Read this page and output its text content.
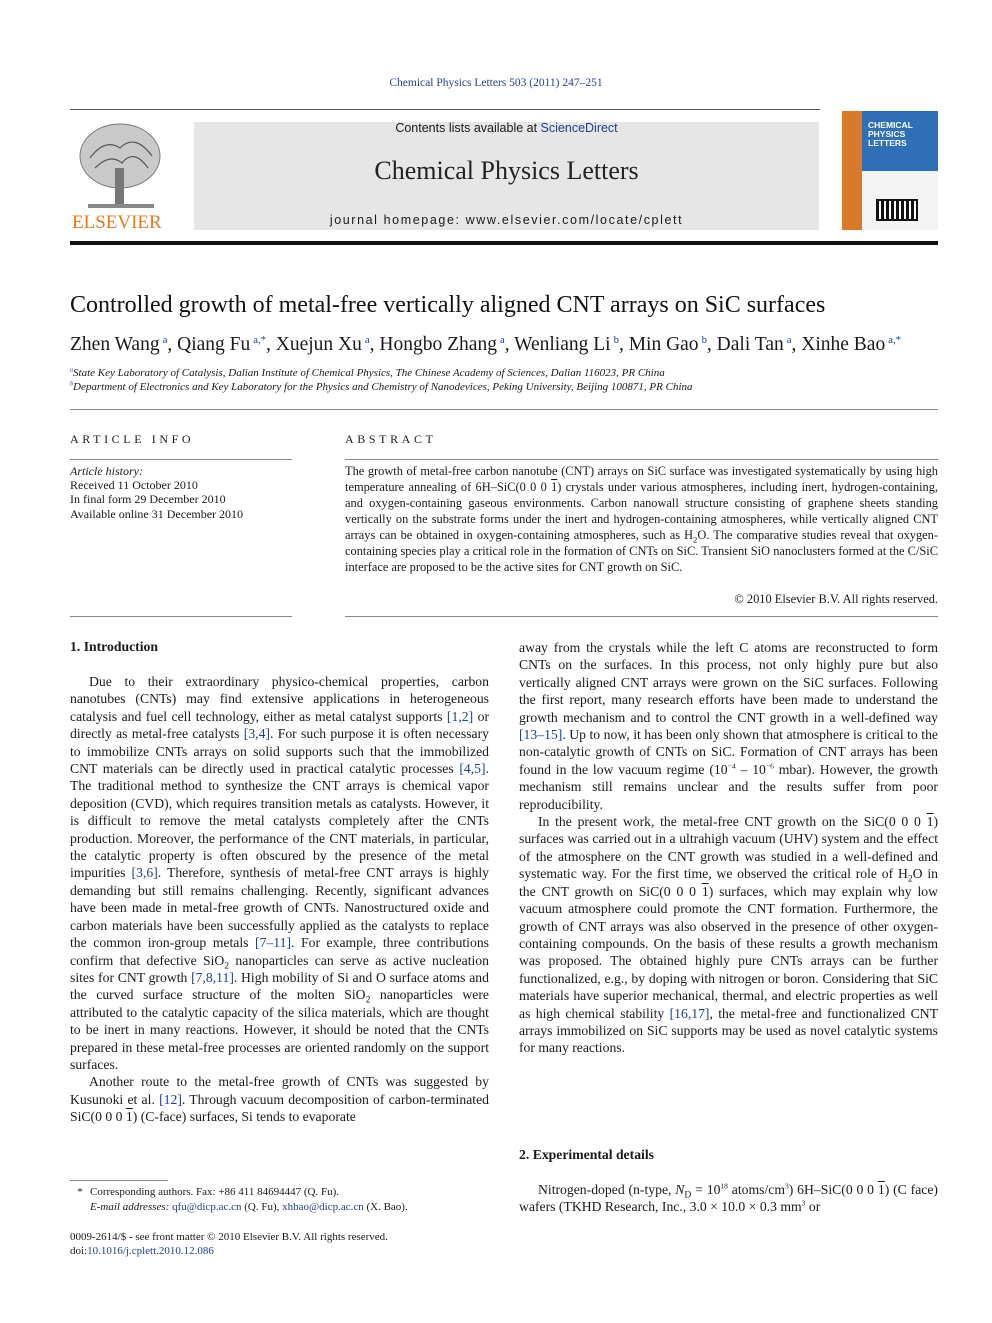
Chemical Physics Letters 503 (2011) 247–251
ELSEVIER
Contents lists available at ScienceDirect
Chemical Physics Letters
journal homepage: www.elsevier.com/locate/cplett
CHEMICAL
PHYSICS
LETTERS
Controlled growth of metal-free vertically aligned CNT arrays on SiC surfaces
Zhen Wang $^a$, Qiang Fu $^{a,*}$, Xuejun Xu $^a$, Hongbo Zhang $^a$, Wenliang Li $^b$, Min Gao $^b$, Dali Tan $^a$, Xinhe Bao $^{a,*}$
$^a$State Key Laboratory of Catalysis, Dalian Institute of Chemical Physics, The Chinese Academy of Sciences, Dalian 116023, PR China
$^b$Department of Electronics and Key Laboratory for the Physics and Chemistry of Nanodevices, Peking University, Beijing 100871, PR China
ARTICLE INFO
Article history:
Received 11 October 2010
In final form 29 December 2010
Available online 31 December 2010
ABSTRACT
The growth of metal-free carbon nanotube (CNT) arrays on SiC surface was investigated systematically by using high temperature annealing of 6H–SiC(0 0 0 1) crystals under various atmospheres, including inert, hydrogen-containing, and oxygen-containing gaseous environments. Carbon nanowall structure consisting of graphene sheets standing vertically on the substrate forms under the inert and hydrogen-containing atmospheres, while vertically aligned CNT arrays can be obtained in oxygen-containing atmospheres, such as $H_2O$. The comparative studies reveal that oxygen-containing species play a critical role in the formation of CNTs on SiC. Transient SiO nanoclusters formed at the C/SiC interface are proposed to be the active sites for CNT growth on SiC.
© 2010 Elsevier B.V. All rights reserved.
1. Introduction

Due to their extraordinary physico-chemical properties, carbon nanotubes (CNTs) may find extensive applications in heterogeneous catalysis and fuel cell technology, either as metal catalyst supports [1,2] or directly as metal-free catalysts [3,4]. For such purpose it is often necessary to immobilize CNTs arrays on solid supports such that the immobilized CNT materials can be directly used in practical catalytic processes [4,5]. The traditional method to synthesize the CNT arrays is chemical vapor deposition (CVD), which requires transition metals as catalysts. However, it is difficult to remove the metal catalysts completely after the CNTs production. Moreover, the performance of the CNT materials, in particular, the catalytic property is often obscured by the presence of the metal impurities [3,6]. Therefore, synthesis of metal-free CNT arrays is highly demanding but still remains challenging. Recently, significant advances have been made in metal-free growth of CNTs. Nanostructured oxide and carbon materials have been successfully applied as the catalysts to replace the common iron-group metals [7–11]. For example, three contributions confirm that defective SiO$_2$ nanoparticles can serve as active nucleation sites for CNT growth [7,8,11]. High mobility of Si and O surface atoms and the curved surface structure of the molten SiO$_2$ nanoparticles were attributed to the catalytic capacity of the silica materials, which are thought to be inert in many reactions. However, it should be noted that the CNTs prepared in these metal-free processes are oriented randomly on the support surfaces.

Another route to the metal-free growth of CNTs was suggested by Kusunoki et al. [12]. Through vacuum decomposition of carbon-terminated SiC(0 0 0 1) (C-face) surfaces, Si tends to evaporate

away from the crystals while the left C atoms are reconstructed to form CNTs on the surfaces. In this process, not only highly pure but also vertically aligned CNT arrays were grown on the SiC surfaces. Following the first report, many research efforts have been made to understand the growth mechanism and to control the CNT growth in a well-defined way [13–15]. Up to now, it has been only shown that atmosphere is critical to the non-catalytic growth of CNTs on SiC. Formation of CNT arrays has been found in the low vacuum regime ($10^{-4} - 10^{-6}$ mbar). However, the growth mechanism still remains unclear and the results suffer from poor reproducibility.

In the present work, the metal-free CNT growth on the SiC(0 0 0 1) surfaces was carried out in a ultrahigh vacuum (UHV) system and the effect of the atmosphere on the CNT growth was studied in a well-defined and systematic way. For the first time, we observed the critical role of $H_2O$ in the CNT growth on SiC(0 0 0 1) surfaces, which may explain why low vacuum atmosphere could promote the CNT formation. Furthermore, the growth of CNT arrays was also observed in the presence of other oxygen-containing compounds. On the basis of these results a growth mechanism was proposed. The obtained highly pure CNTs arrays can be further functionalized, e.g., by doping with nitrogen or boron. Considering that SiC materials have superior mechanical, thermal, and electric properties as well as high chemical stability [16,17], the metal-free and functionalized CNT arrays immobilized on SiC supports may be used as novel catalytic systems for many reactions.

2. Experimental details

Nitrogen-doped (n-type, $N_D = 10^{18}$ atoms/$cm^3$) 6H–SiC(0 0 0 1) (C face) wafers (TKHD Research, Inc., 3.0 × 10.0 × 0.3 $mm^3$ or

* Corresponding authors. Fax: +86 411 84694447 (Q. Fu).
E-mail addresses: qfu@dicp.ac.cn (Q. Fu), xhbao@dicp.ac.cn (X. Bao).
0009-2614/$ - see front matter © 2010 Elsevier B.V. All rights reserved.
doi:10.1016/j.cplett.2010.12.086
